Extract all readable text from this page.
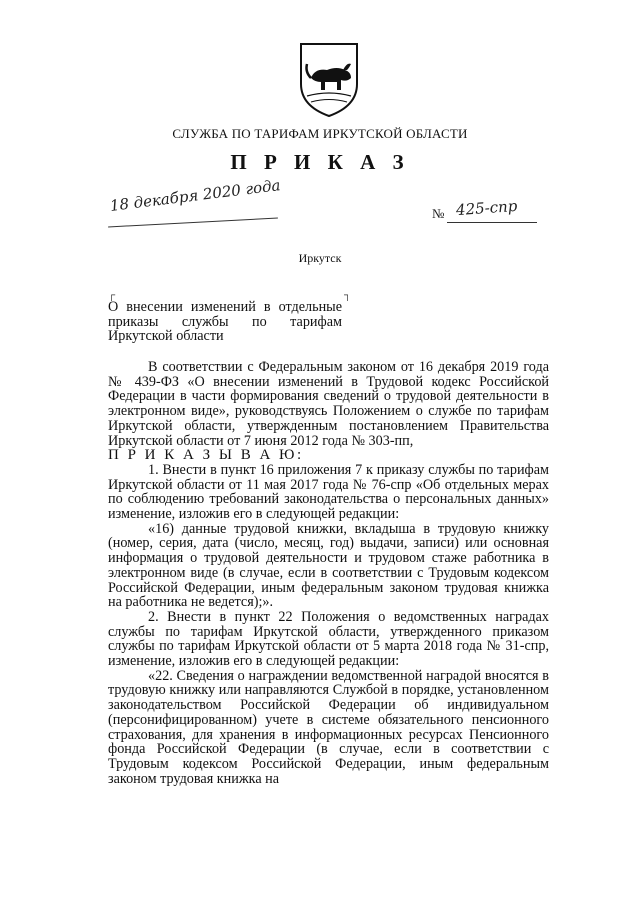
СЛУЖБА ПО ТАРИФАМ ИРКУТСКОЙ ОБЛАСТИ
П Р И К А З
18 декабря 2020 года	№ 425-спр
Иркутск
┌	┐
О внесении изменений в отдельные приказы службы по тарифам Иркутской области

В соответствии с Федеральным законом от 16 декабря 2019 года № 439-ФЗ «О внесении изменений в Трудовой кодекс Российской Федерации в части формирования сведений о трудовой деятельности в электронном виде», руководствуясь Положением о службе по тарифам Иркутской области, утвержденным постановлением Правительства Иркутской области от 7 июня 2012 года № 303-пп,

П Р И К А З Ы В А Ю:

1. Внести в пункт 16 приложения 7 к приказу службы по тарифам Иркутской области от 11 мая 2017 года № 76-спр «Об отдельных мерах по соблюдению требований законодательства о персональных данных» изменение, изложив его в следующей редакции:

«16) данные трудовой книжки, вкладыша в трудовую книжку (номер, серия, дата (число, месяц, год) выдачи, записи) или основная информация о трудовой деятельности и трудовом стаже работника в электронном виде (в случае, если в соответствии с Трудовым кодексом Российской Федерации, иным федеральным законом трудовая книжка на работника не ведется);».

2. Внести в пункт 22 Положения о ведомственных наградах службы по тарифам Иркутской области, утвержденного приказом службы по тарифам Иркутской области от 5 марта 2018 года № 31-спр, изменение, изложив его в следующей редакции:

«22. Сведения о награждении ведомственной наградой вносятся в трудовую книжку или направляются Службой в порядке, установленном законодательством Российской Федерации об индивидуальном (персонифицированном) учете в системе обязательного пенсионного страхования, для хранения в информационных ресурсах Пенсионного фонда Российской Федерации (в случае, если в соответствии с Трудовым кодексом Российской Федерации, иным федеральным законом трудовая книжка на
